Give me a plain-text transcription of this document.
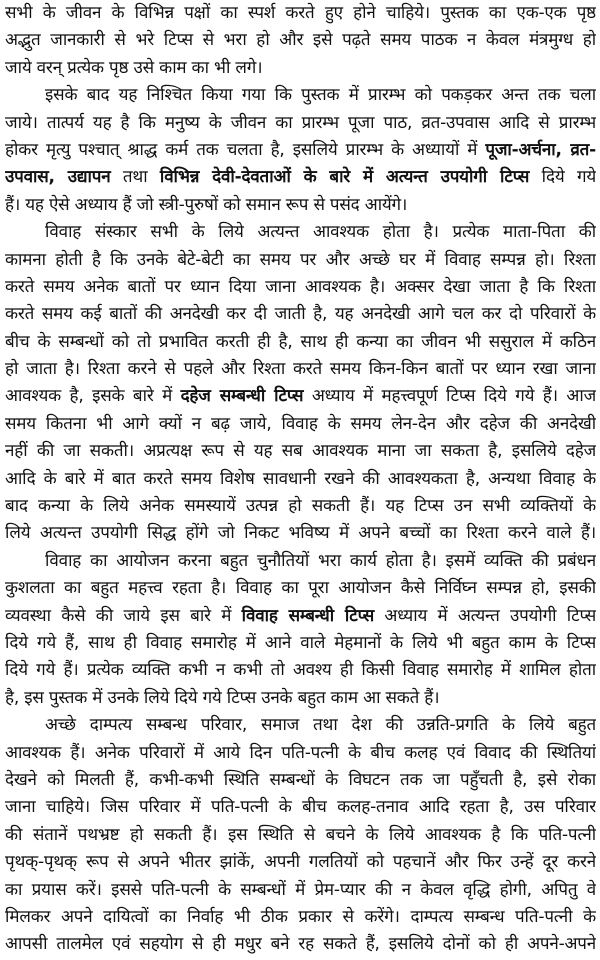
सभी के जीवन के विभिन्न पक्षों का स्पर्श करते हुए होने चाहिये। पुस्तक का एक-एक पृष्ठ
अद्भुत जानकारी से भरे टिप्स से भरा हो और इसे पढ़ते समय पाठक न केवल मंत्रमुग्ध हो
जाये वरन् प्रत्येक पृष्ठ उसे काम का भी लगे।
इसके बाद यह निश्चित किया गया कि पुस्तक में प्रारम्भ को पकड़कर अन्त तक चला
जाये। तात्पर्य यह है कि मनुष्य के जीवन का प्रारम्भ पूजा पाठ, व्रत-उपवास आदि से प्रारम्भ
होकर मृत्यु पश्चात् श्राद्ध कर्म तक चलता है, इसलिये प्रारम्भ के अध्यायों में पूजा-अर्चना, व्रत-
उपवास, उद्यापन तथा विभिन्न देवी-देवताओं के बारे में अत्यन्त उपयोगी टिप्स दिये गये
हैं। यह ऐसे अध्याय हैं जो स्त्री-पुरुषों को समान रूप से पसंद आयेंगे।
विवाह संस्कार सभी के लिये अत्यन्त आवश्यक होता है। प्रत्येक माता-पिता की
कामना होती है कि उनके बेटे-बेटी का समय पर और अच्छे घर में विवाह सम्पन्न हो। रिश्ता
करते समय अनेक बातों पर ध्यान दिया जाना आवश्यक है। अक्सर देखा जाता है कि रिश्ता
करते समय कई बातों की अनदेखी कर दी जाती है, यह अनदेखी आगे चल कर दो परिवारों के
बीच के सम्बन्धों को तो प्रभावित करती ही है, साथ ही कन्या का जीवन भी ससुराल में कठिन
हो जाता है। रिश्ता करने से पहले और रिश्ता करते समय किन-किन बातों पर ध्यान रखा जाना
आवश्यक है, इसके बारे में दहेज सम्बन्धी टिप्स अध्याय में महत्त्वपूर्ण टिप्स दिये गये हैं। आज
समय कितना भी आगे क्यों न बढ़ जाये, विवाह के समय लेन-देन और दहेज की अनदेखी
नहीं की जा सकती। अप्रत्यक्ष रूप से यह सब आवश्यक माना जा सकता है, इसलिये दहेज
आदि के बारे में बात करते समय विशेष सावधानी रखने की आवश्यकता है, अन्यथा विवाह के
बाद कन्या के लिये अनेक समस्यायें उत्पन्न हो सकती हैं। यह टिप्स उन सभी व्यक्तियों के
लिये अत्यन्त उपयोगी सिद्ध होंगे जो निकट भविष्य में अपने बच्चों का रिश्ता करने वाले हैं।
विवाह का आयोजन करना बहुत चुनौतियों भरा कार्य होता है। इसमें व्यक्ति की प्रबंधन
कुशलता का बहुत महत्त्व रहता है। विवाह का पूरा आयोजन कैसे निर्विघ्न सम्पन्न हो, इसकी
व्यवस्था कैसे की जाये इस बारे में विवाह सम्बन्धी टिप्स अध्याय में अत्यन्त उपयोगी टिप्स
दिये गये हैं, साथ ही विवाह समारोह में आने वाले मेहमानों के लिये भी बहुत काम के टिप्स
दिये गये हैं। प्रत्येक व्यक्ति कभी न कभी तो अवश्य ही किसी विवाह समारोह में शामिल होता
है, इस पुस्तक में उनके लिये दिये गये टिप्स उनके बहुत काम आ सकते हैं।
अच्छे दाम्पत्य सम्बन्ध परिवार, समाज तथा देश की उन्नति-प्रगति के लिये बहुत
आवश्यक हैं। अनेक परिवारों में आये दिन पति-पत्नी के बीच कलह एवं विवाद की स्थितियां
देखने को मिलती हैं, कभी-कभी स्थिति सम्बन्धों के विघटन तक जा पहुँचती है, इसे रोका
जाना चाहिये। जिस परिवार में पति-पत्नी के बीच कलह-तनाव आदि रहता है, उस परिवार
की संतानें पथभ्रष्ट हो सकती हैं। इस स्थिति से बचने के लिये आवश्यक है कि पति-पत्नी
पृथक्-पृथक् रूप से अपने भीतर झांकें, अपनी गलतियों को पहचानें और फिर उन्हें दूर करने
का प्रयास करें। इससे पति-पत्नी के सम्बन्धों में प्रेम-प्यार की न केवल वृद्धि होगी, अपितु वे
मिलकर अपने दायित्वों का निर्वाह भी ठीक प्रकार से करेंगे। दाम्पत्य सम्बन्ध पति-पत्नी के
आपसी तालमेल एवं सहयोग से ही मधुर बने रह सकते हैं, इसलिये दोनों को ही अपने-अपने
